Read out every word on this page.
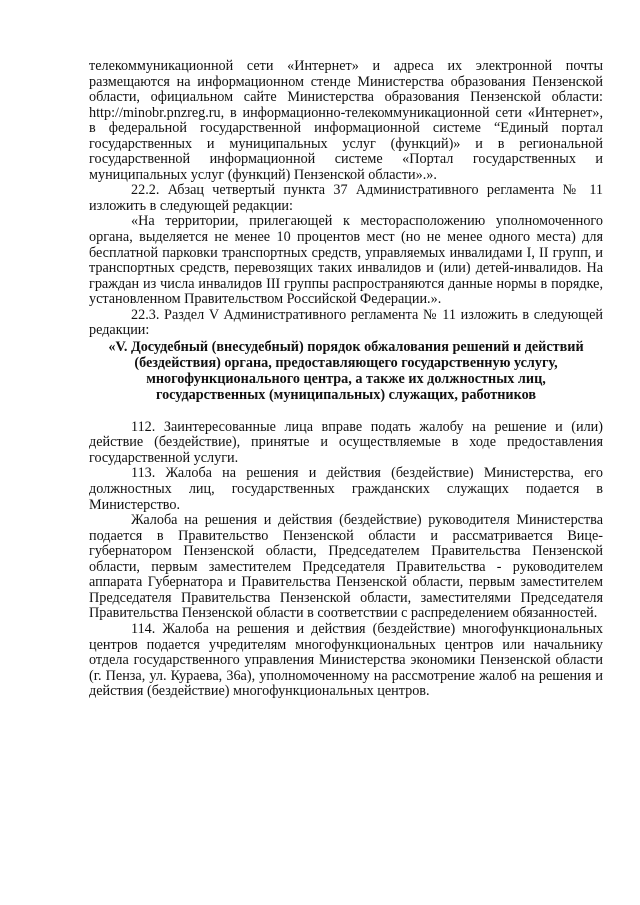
телекоммуникационной сети «Интернет» и адреса их электронной почты размещаются на информационном стенде Министерства образования Пензенской области, официальном сайте Министерства образования Пензенской области: http://minobr.pnzreg.ru, в информационно-телекоммуникационной сети «Интернет», в федеральной государственной информационной системе “Единый портал государственных и муниципальных услуг (функций)» и в региональной государственной информационной системе «Портал государственных и муниципальных услуг (функций) Пензенской области».».

22.2. Абзац четвертый пункта 37 Административного регламента № 11 изложить в следующей редакции:

«На территории, прилегающей к месторасположению уполномоченного органа, выделяется не менее 10 процентов мест (но не менее одного места) для бесплатной парковки транспортных средств, управляемых инвалидами I, II групп, и транспортных средств, перевозящих таких инвалидов и (или) детей-инвалидов. На граждан из числа инвалидов III группы распространяются данные нормы в порядке, установленном Правительством Российской Федерации.».

22.3. Раздел V Административного регламента № 11 изложить в следующей редакции:

«V. Досудебный (внесудебный) порядок обжалования решений и действий (бездействия) органа, предоставляющего государственную услугу, многофункционального центра, а также их должностных лиц, государственных (муниципальных) служащих, работников

112. Заинтересованные лица вправе подать жалобу на решение и (или) действие (бездействие), принятые и осуществляемые в ходе предоставления государственной услуги.

113. Жалоба на решения и действия (бездействие) Министерства, его должностных лиц, государственных гражданских служащих подается в Министерство.

Жалоба на решения и действия (бездействие) руководителя Министерства подается в Правительство Пензенской области и рассматривается Вице-губернатором Пензенской области, Председателем Правительства Пензенской области, первым заместителем Председателя Правительства - руководителем аппарата Губернатора и Правительства Пензенской области, первым заместителем Председателя Правительства Пензенской области, заместителями Председателя Правительства Пензенской области в соответствии с распределением обязанностей.

114. Жалоба на решения и действия (бездействие) многофункциональных центров подается учредителям многофункциональных центров или начальнику отдела государственного управления Министерства экономики Пензенской области (г. Пенза, ул. Кураева, 36а), уполномоченному на рассмотрение жалоб на решения и действия (бездействие) многофункциональных центров.
